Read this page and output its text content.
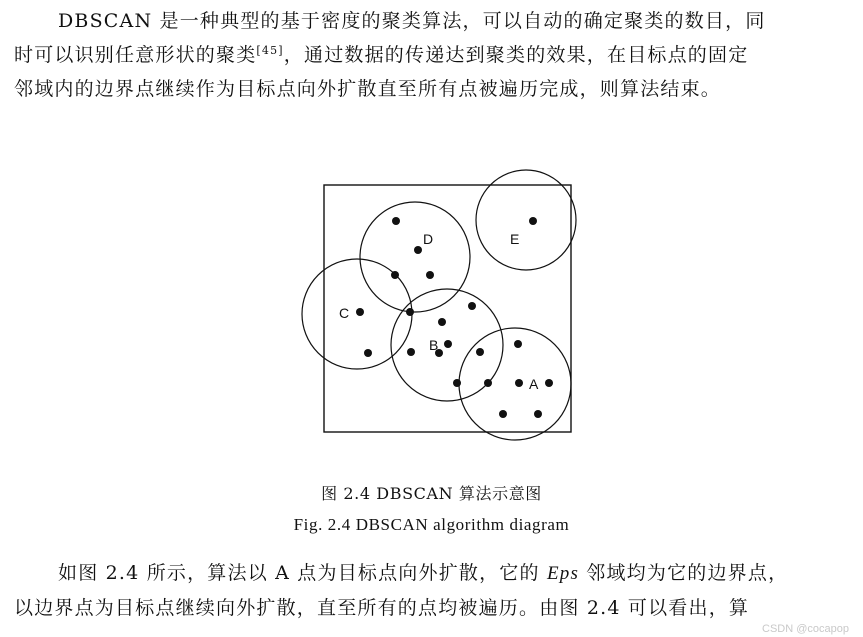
DBSCAN 是一种典型的基于密度的聚类算法，可以自动的确定聚类的数目，同
时可以识别任意形状的聚类[45]，通过数据的传递达到聚类的效果，在目标点的固定
邻域内的边界点继续作为目标点向外扩散直至所有点被遍历完成，则算法结束。
D	E
C
B
A
图 2.4 DBSCAN 算法示意图
Fig. 2.4 DBSCAN algorithm diagram
如图 2.4 所示，算法以 A 点为目标点向外扩散，它的 Eps 邻域均为它的边界点，
以边界点为目标点继续向外扩散，直至所有的点均被遍历。由图 2.4 可以看出，算
CSDN @cocapop
